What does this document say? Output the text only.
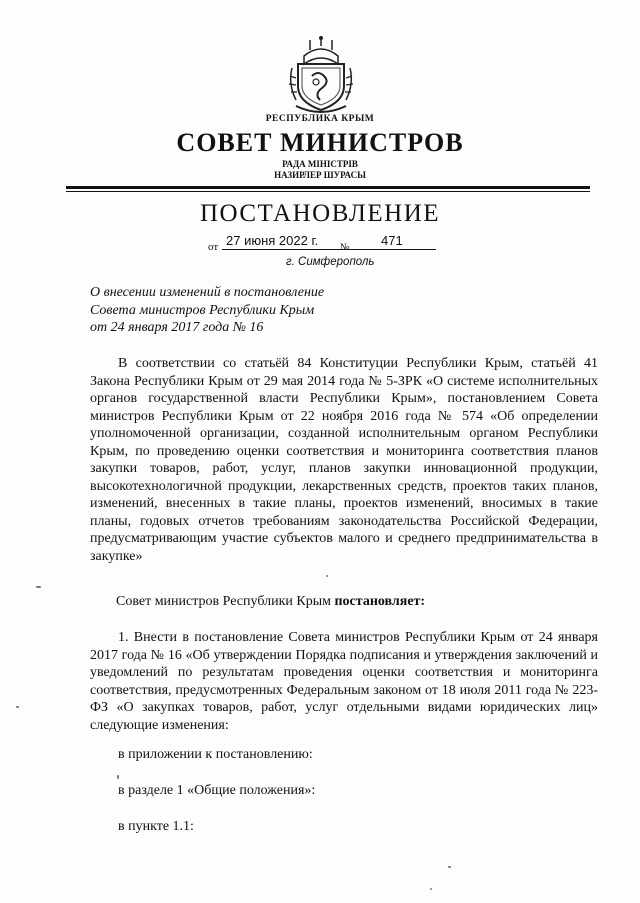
РЕСПУБЛИКА КРЫМ
СОВЕТ МИНИСТРОВ
РАДА МІНІСТРІВ
НАЗИРЛЕР ШУРАСЫ
ПОСТАНОВЛЕНИЕ
от 27 июня 2022 г. № 471
г. Симферополь
О внесении изменений в постановление
Совета министров Республики Крым
от 24 января 2017 года № 16
В соответствии со статьёй 84 Конституции Республики Крым, статьёй 41 Закона Республики Крым от 29 мая 2014 года № 5-ЗРК «О системе исполнительных органов государственной власти Республики Крым», постановлением Совета министров Республики Крым от 22 ноября 2016 года № 574 «Об определении уполномоченной организации, созданной исполнительным органом Республики Крым, по проведению оценки соответствия и мониторинга соответствия планов закупки товаров, работ, услуг, планов закупки инновационной продукции, высокотехнологичной продукции, лекарственных средств, проектов таких планов, изменений, внесенных в такие планы, проектов изменений, вносимых в такие планы, годовых отчетов требованиям законодательства Российской Федерации, предусматривающим участие субъектов малого и среднего предпринимательства в закупке»
Совет министров Республики Крым постановляет:
1. Внести в постановление Совета министров Республики Крым от 24 января 2017 года № 16 «Об утверждении Порядка подписания и утверждения заключений и уведомлений по результатам проведения оценки соответствия и мониторинга соответствия, предусмотренных Федеральным законом от 18 июля 2011 года № 223-ФЗ «О закупках товаров, работ, услуг отдельными видами юридических лиц» следующие изменения:
в приложении к постановлению:
в разделе 1 «Общие положения»:
в пункте 1.1:
